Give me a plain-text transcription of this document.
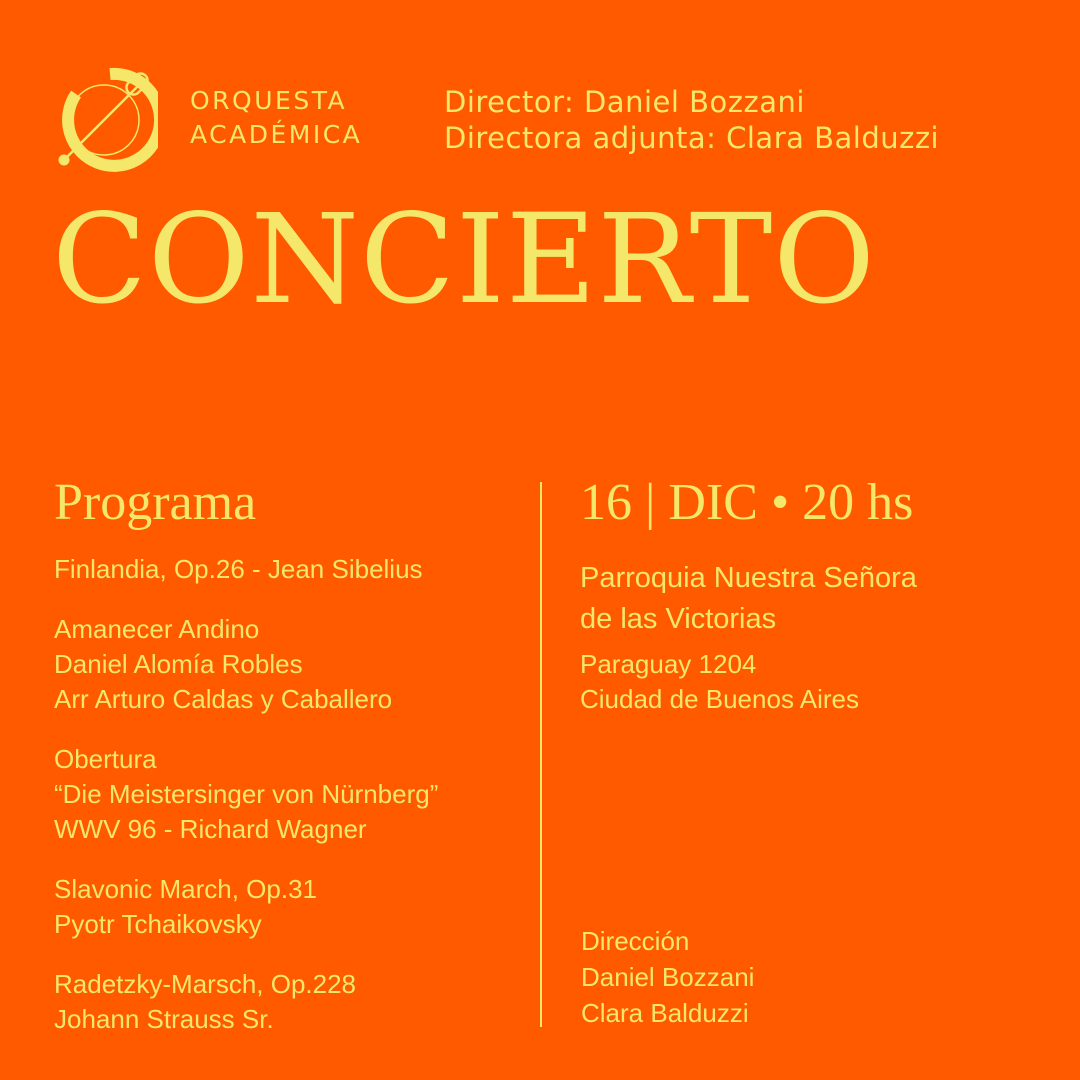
ORQUESTA
ACADÉMICA
Director: Daniel Bozzani
Directora adjunta: Clara Balduzzi
CONCIERTO
Programa
Finlandia, Op.26 - Jean Sibelius
Amanecer Andino
Daniel Alomía Robles
Arr Arturo Caldas y Caballero
Obertura
“Die Meistersinger von Nürnberg”
WWV 96 - Richard Wagner
Slavonic March, Op.31
Pyotr Tchaikovsky
Radetzky-Marsch, Op.228
Johann Strauss Sr.
16 | DIC • 20 hs
Parroquia Nuestra Señora
de las Victorias
Paraguay 1204
Ciudad de Buenos Aires
Dirección
Daniel Bozzani
Clara Balduzzi
